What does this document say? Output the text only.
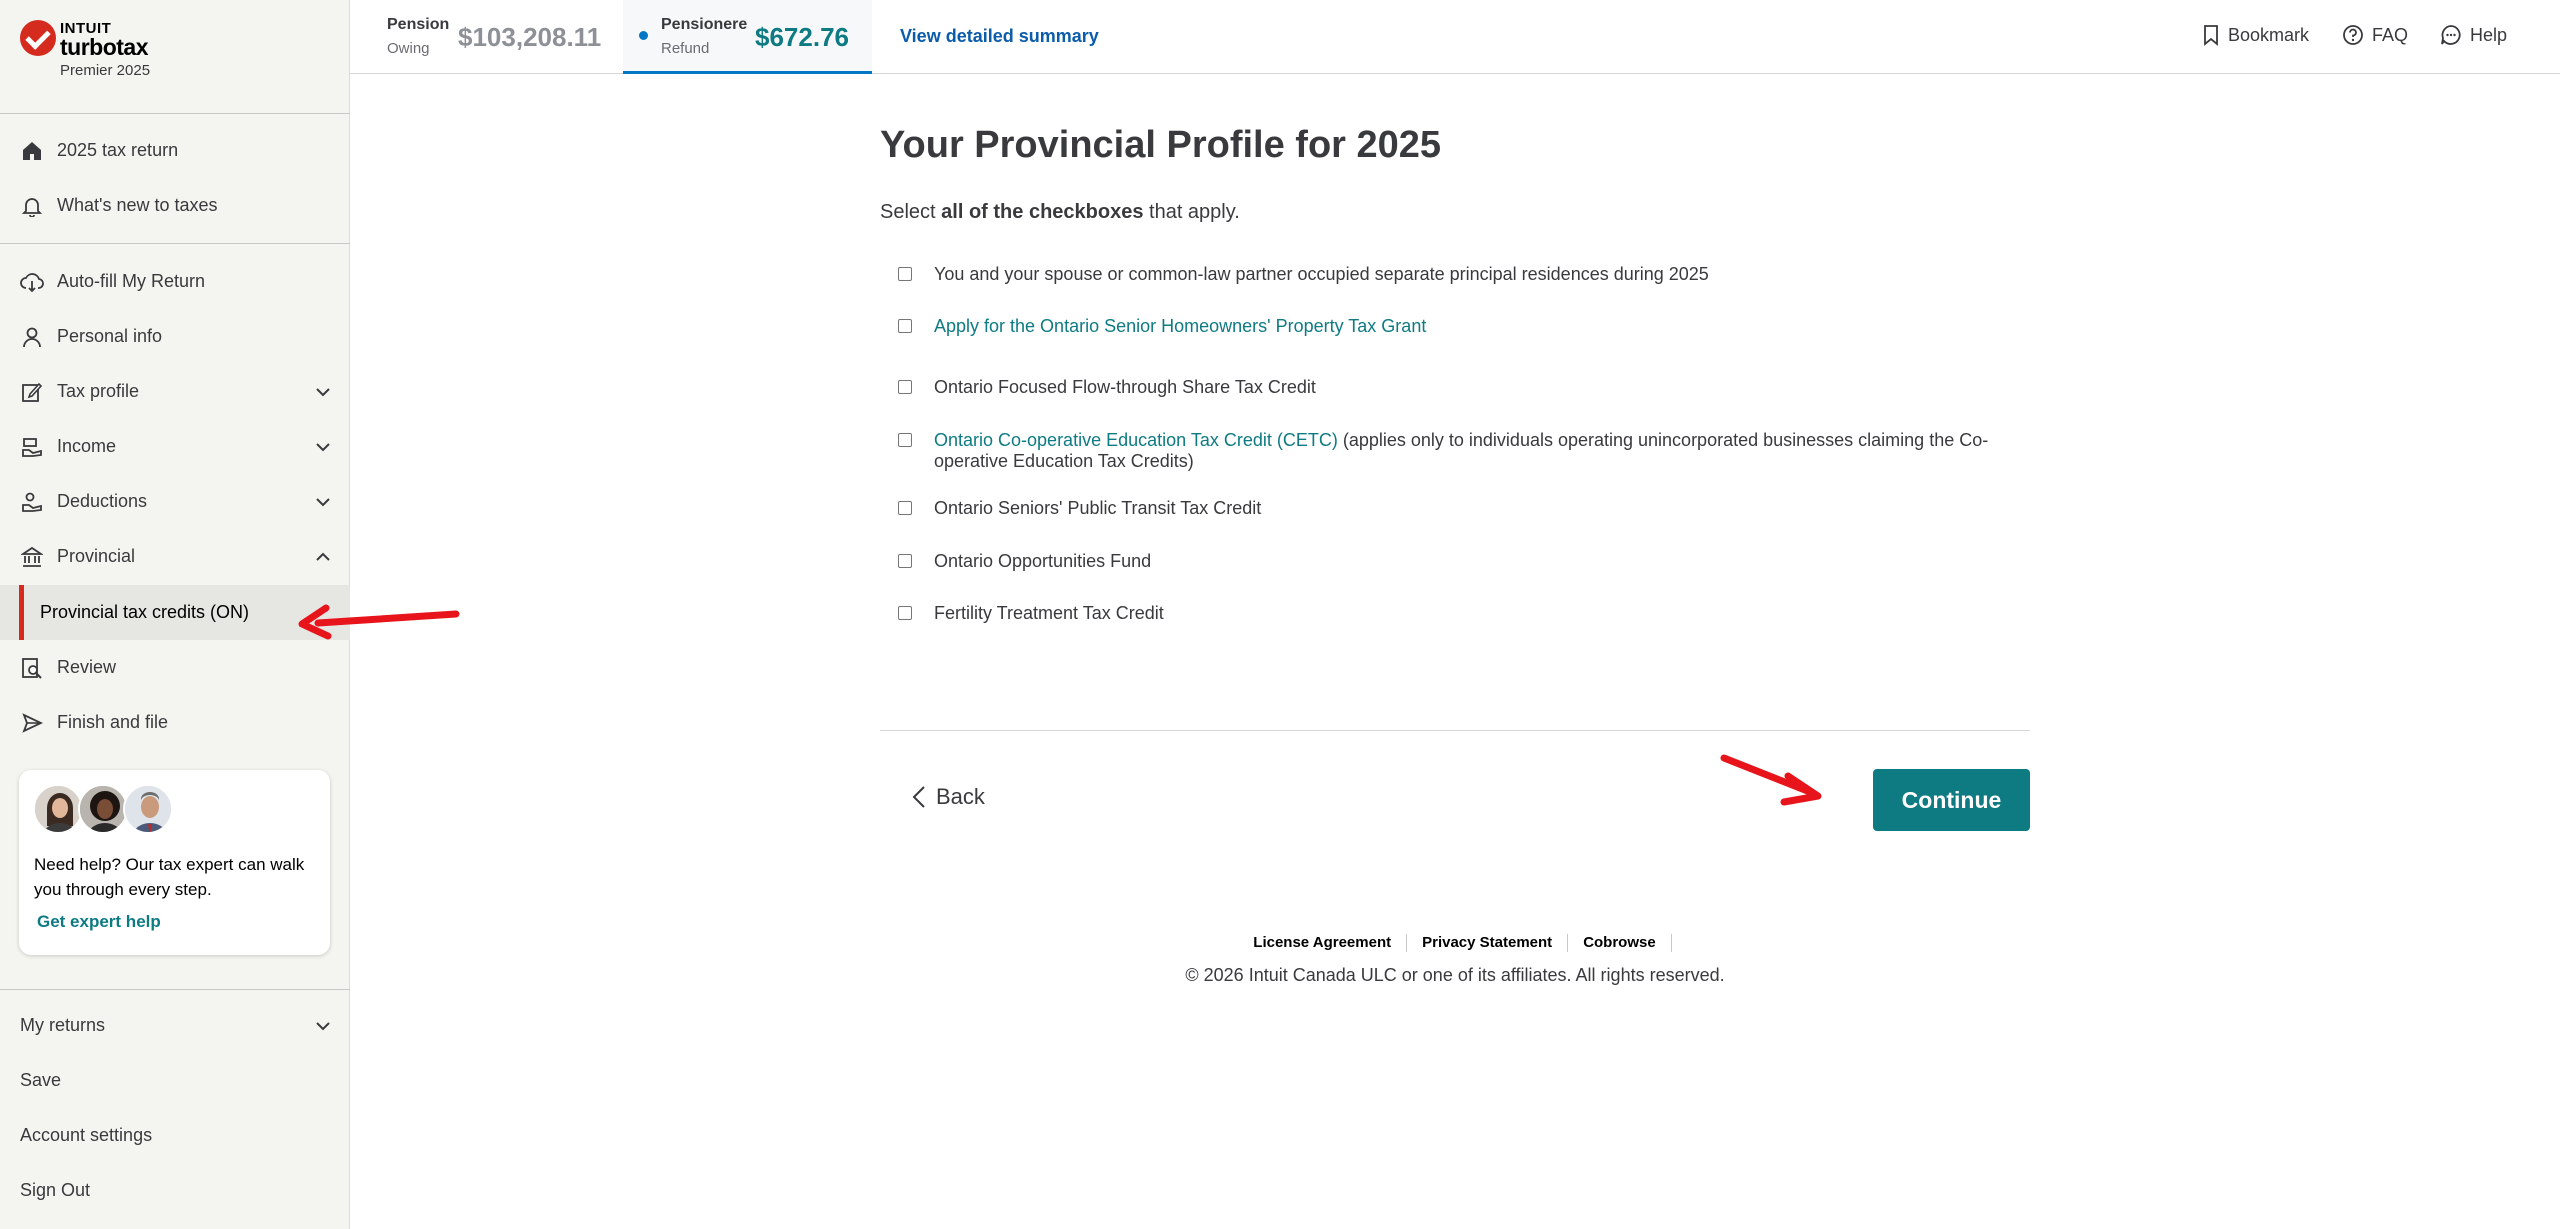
INTUIT
turbotax
Premier 2025
2025 tax return
What's new to taxes
Auto-fill My Return
Personal info
Tax profile
Income
Deductions
Provincial
Provincial tax credits (ON)
Review
Finish and file
Need help? Our tax expert can walk you through every step.
Get expert help
My returns
Save
Account settings
Sign Out
Pension
Owing $103,208.11	Pensionere
Refund $672.76	View detailed summary	Bookmark	FAQ	Help
Your Provincial Profile for 2025
Select all of the checkboxes that apply.
You and your spouse or common-law partner occupied separate principal residences during 2025
Apply for the Ontario Senior Homeowners' Property Tax Grant
Ontario Focused Flow-through Share Tax Credit
Ontario Co-operative Education Tax Credit (CETC) (applies only to individuals operating unincorporated businesses claiming the Co-operative Education Tax Credits)
Ontario Seniors' Public Transit Tax Credit
Ontario Opportunities Fund
Fertility Treatment Tax Credit
Back	Continue
License Agreement	Privacy Statement	Cobrowse
© 2026 Intuit Canada ULC or one of its affiliates. All rights reserved.
